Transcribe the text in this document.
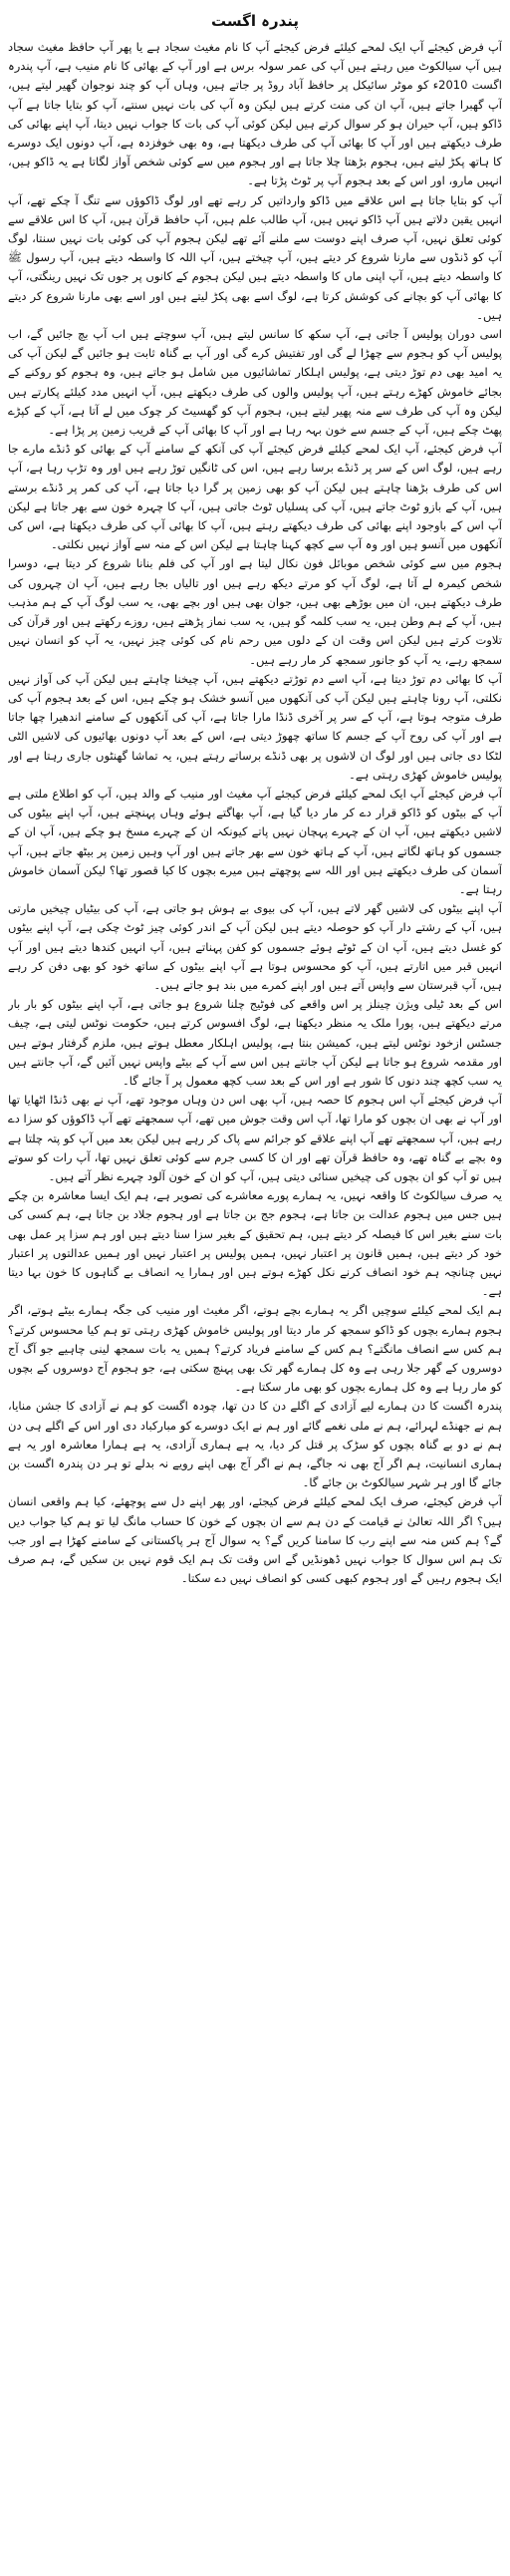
پندرہ اگست

آپ فرض کیجئے آپ ایک لمحے کیلئے فرض کیجئے آپ کا نام مغیث سجاد ہے یا پھر آپ حافظ مغیث سجاد ہیں آپ سیالکوٹ میں رہتے ہیں آپ کی عمر سولہ برس ہے اور آپ کے بھائی کا نام منیب ہے، آپ پندرہ اگست 2010ء کو موٹر سائیکل پر حافظ آباد روڈ پر جاتے ہیں، وہاں آپ کو چند نوجوان گھیر لیتے ہیں، آپ گھبرا جاتے ہیں، آپ ان کی منت کرتے ہیں لیکن وہ آپ کی بات نہیں سنتے، آپ کو بتایا جاتا ہے آپ ڈاکو ہیں، آپ حیران ہو کر سوال کرتے ہیں لیکن کوئی آپ کی بات کا جواب نہیں دیتا، آپ اپنے بھائی کی طرف دیکھتے ہیں اور آپ کا بھائی آپ کی طرف دیکھتا ہے، وہ بھی خوفزدہ ہے، آپ دونوں ایک دوسرے کا ہاتھ پکڑ لیتے ہیں، ہجوم بڑھتا چلا جاتا ہے اور ہجوم میں سے کوئی شخص آواز لگاتا ہے یہ ڈاکو ہیں، انہیں مارو، اور اس کے بعد ہجوم آپ پر ٹوٹ پڑتا ہے۔

آپ کو بتایا جاتا ہے اس علاقے میں ڈاکو وارداتیں کر رہے تھے اور لوگ ڈاکوؤں سے تنگ آ چکے تھے، آپ انہیں یقین دلاتے ہیں آپ ڈاکو نہیں ہیں، آپ طالب علم ہیں، آپ حافظ قرآن ہیں، آپ کا اس علاقے سے کوئی تعلق نہیں، آپ صرف اپنے دوست سے ملنے آئے تھے لیکن ہجوم آپ کی کوئی بات نہیں سنتا، لوگ آپ کو ڈنڈوں سے مارنا شروع کر دیتے ہیں، آپ چیختے ہیں، آپ اللہ کا واسطہ دیتے ہیں، آپ رسول ﷺ کا واسطہ دیتے ہیں، آپ اپنی ماں کا واسطہ دیتے ہیں لیکن ہجوم کے کانوں پر جوں تک نہیں رینگتی، آپ کا بھائی آپ کو بچانے کی کوشش کرتا ہے، لوگ اسے بھی پکڑ لیتے ہیں اور اسے بھی مارنا شروع کر دیتے ہیں۔

اسی دوران پولیس آ جاتی ہے، آپ سکھ کا سانس لیتے ہیں، آپ سوچتے ہیں اب آپ بچ جائیں گے، اب پولیس آپ کو ہجوم سے چھڑا لے گی اور تفتیش کرے گی اور آپ بے گناہ ثابت ہو جائیں گے لیکن آپ کی یہ امید بھی دم توڑ دیتی ہے، پولیس اہلکار تماشائیوں میں شامل ہو جاتے ہیں، وہ ہجوم کو روکنے کے بجائے خاموش کھڑے رہتے ہیں، آپ پولیس والوں کی طرف دیکھتے ہیں، آپ انہیں مدد کیلئے پکارتے ہیں لیکن وہ آپ کی طرف سے منہ پھیر لیتے ہیں، ہجوم آپ کو گھسیٹ کر چوک میں لے آتا ہے، آپ کے کپڑے پھٹ چکے ہیں، آپ کے جسم سے خون بہہ رہا ہے اور آپ کا بھائی آپ کے قریب زمین پر پڑا ہے۔

آپ فرض کیجئے، آپ ایک لمحے کیلئے فرض کیجئے آپ کی آنکھ کے سامنے آپ کے بھائی کو ڈنڈے مارے جا رہے ہیں، لوگ اس کے سر پر ڈنڈے برسا رہے ہیں، اس کی ٹانگیں توڑ رہے ہیں اور وہ تڑپ رہا ہے، آپ اس کی طرف بڑھنا چاہتے ہیں لیکن آپ کو بھی زمین پر گرا دیا جاتا ہے، آپ کی کمر پر ڈنڈے برستے ہیں، آپ کے بازو ٹوٹ جاتے ہیں، آپ کی پسلیاں ٹوٹ جاتی ہیں، آپ کا چہرہ خون سے بھر جاتا ہے لیکن آپ اس کے باوجود اپنے بھائی کی طرف دیکھتے رہتے ہیں، آپ کا بھائی آپ کی طرف دیکھتا ہے، اس کی آنکھوں میں آنسو ہیں اور وہ آپ سے کچھ کہنا چاہتا ہے لیکن اس کے منہ سے آواز نہیں نکلتی۔

ہجوم میں سے کوئی شخص موبائل فون نکال لیتا ہے اور آپ کی فلم بنانا شروع کر دیتا ہے، دوسرا شخص کیمرہ لے آتا ہے، لوگ آپ کو مرتے دیکھ رہے ہیں اور تالیاں بجا رہے ہیں، آپ ان چہروں کی طرف دیکھتے ہیں، ان میں بوڑھے بھی ہیں، جوان بھی ہیں اور بچے بھی، یہ سب لوگ آپ کے ہم مذہب ہیں، آپ کے ہم وطن ہیں، یہ سب کلمہ گو ہیں، یہ سب نماز پڑھتے ہیں، روزے رکھتے ہیں اور قرآن کی تلاوت کرتے ہیں لیکن اس وقت ان کے دلوں میں رحم نام کی کوئی چیز نہیں، یہ آپ کو انسان نہیں سمجھ رہے، یہ آپ کو جانور سمجھ کر مار رہے ہیں۔

آپ کا بھائی دم توڑ دیتا ہے، آپ اسے دم توڑتے دیکھتے ہیں، آپ چیخنا چاہتے ہیں لیکن آپ کی آواز نہیں نکلتی، آپ رونا چاہتے ہیں لیکن آپ کی آنکھوں میں آنسو خشک ہو چکے ہیں، اس کے بعد ہجوم آپ کی طرف متوجہ ہوتا ہے، آپ کے سر پر آخری ڈنڈا مارا جاتا ہے، آپ کی آنکھوں کے سامنے اندھیرا چھا جاتا ہے اور آپ کی روح آپ کے جسم کا ساتھ چھوڑ دیتی ہے، اس کے بعد آپ دونوں بھائیوں کی لاشیں الٹی لٹکا دی جاتی ہیں اور لوگ ان لاشوں پر بھی ڈنڈے برساتے رہتے ہیں، یہ تماشا گھنٹوں جاری رہتا ہے اور پولیس خاموش کھڑی رہتی ہے۔

آپ فرض کیجئے آپ ایک لمحے کیلئے فرض کیجئے آپ مغیث اور منیب کے والد ہیں، آپ کو اطلاع ملتی ہے آپ کے بیٹوں کو ڈاکو قرار دے کر مار دیا گیا ہے، آپ بھاگتے ہوئے وہاں پہنچتے ہیں، آپ اپنے بیٹوں کی لاشیں دیکھتے ہیں، آپ ان کے چہرے پہچان نہیں پاتے کیونکہ ان کے چہرے مسخ ہو چکے ہیں، آپ ان کے جسموں کو ہاتھ لگاتے ہیں، آپ کے ہاتھ خون سے بھر جاتے ہیں اور آپ وہیں زمین پر بیٹھ جاتے ہیں، آپ آسمان کی طرف دیکھتے ہیں اور اللہ سے پوچھتے ہیں میرے بچوں کا کیا قصور تھا؟ لیکن آسمان خاموش رہتا ہے۔

آپ اپنے بیٹوں کی لاشیں گھر لاتے ہیں، آپ کی بیوی بے ہوش ہو جاتی ہے، آپ کی بیٹیاں چیخیں مارتی ہیں، آپ کے رشتے دار آپ کو حوصلہ دیتے ہیں لیکن آپ کے اندر کوئی چیز ٹوٹ چکی ہے، آپ اپنے بیٹوں کو غسل دیتے ہیں، آپ ان کے ٹوٹے ہوئے جسموں کو کفن پہناتے ہیں، آپ انہیں کندھا دیتے ہیں اور آپ انہیں قبر میں اتارتے ہیں، آپ کو محسوس ہوتا ہے آپ اپنے بیٹوں کے ساتھ خود کو بھی دفن کر رہے ہیں، آپ قبرستان سے واپس آتے ہیں اور اپنے کمرے میں بند ہو جاتے ہیں۔

اس کے بعد ٹیلی ویژن چینلز پر اس واقعے کی فوٹیج چلنا شروع ہو جاتی ہے، آپ اپنے بیٹوں کو بار بار مرتے دیکھتے ہیں، پورا ملک یہ منظر دیکھتا ہے، لوگ افسوس کرتے ہیں، حکومت نوٹس لیتی ہے، چیف جسٹس ازخود نوٹس لیتے ہیں، کمیشن بنتا ہے، پولیس اہلکار معطل ہوتے ہیں، ملزم گرفتار ہوتے ہیں اور مقدمہ شروع ہو جاتا ہے لیکن آپ جانتے ہیں اس سے آپ کے بیٹے واپس نہیں آئیں گے، آپ جانتے ہیں یہ سب کچھ چند دنوں کا شور ہے اور اس کے بعد سب کچھ معمول پر آ جائے گا۔

آپ فرض کیجئے آپ اس ہجوم کا حصہ ہیں، آپ بھی اس دن وہاں موجود تھے، آپ نے بھی ڈنڈا اٹھایا تھا اور آپ نے بھی ان بچوں کو مارا تھا، آپ اس وقت جوش میں تھے، آپ سمجھتے تھے آپ ڈاکوؤں کو سزا دے رہے ہیں، آپ سمجھتے تھے آپ اپنے علاقے کو جرائم سے پاک کر رہے ہیں لیکن بعد میں آپ کو پتہ چلتا ہے وہ بچے بے گناہ تھے، وہ حافظ قرآن تھے اور ان کا کسی جرم سے کوئی تعلق نہیں تھا، آپ رات کو سوتے ہیں تو آپ کو ان بچوں کی چیخیں سنائی دیتی ہیں، آپ کو ان کے خون آلود چہرے نظر آتے ہیں۔

یہ صرف سیالکوٹ کا واقعہ نہیں، یہ ہمارے پورے معاشرے کی تصویر ہے، ہم ایک ایسا معاشرہ بن چکے ہیں جس میں ہجوم عدالت بن جاتا ہے، ہجوم جج بن جاتا ہے اور ہجوم جلاد بن جاتا ہے، ہم کسی کی بات سنے بغیر اس کا فیصلہ کر دیتے ہیں، ہم تحقیق کے بغیر سزا سنا دیتے ہیں اور ہم سزا پر عمل بھی خود کر دیتے ہیں، ہمیں قانون پر اعتبار نہیں، ہمیں پولیس پر اعتبار نہیں اور ہمیں عدالتوں پر اعتبار نہیں چنانچہ ہم خود انصاف کرنے نکل کھڑے ہوتے ہیں اور ہمارا یہ انصاف بے گناہوں کا خون بہا دیتا ہے۔

ہم ایک لمحے کیلئے سوچیں اگر یہ ہمارے بچے ہوتے، اگر مغیث اور منیب کی جگہ ہمارے بیٹے ہوتے، اگر ہجوم ہمارے بچوں کو ڈاکو سمجھ کر مار دیتا اور پولیس خاموش کھڑی رہتی تو ہم کیا محسوس کرتے؟ ہم کس سے انصاف مانگتے؟ ہم کس کے سامنے فریاد کرتے؟ ہمیں یہ بات سمجھ لینی چاہیے جو آگ آج دوسروں کے گھر جلا رہی ہے وہ کل ہمارے گھر تک بھی پہنچ سکتی ہے، جو ہجوم آج دوسروں کے بچوں کو مار رہا ہے وہ کل ہمارے بچوں کو بھی مار سکتا ہے۔

پندرہ اگست کا دن ہمارے لیے آزادی کے اگلے دن کا دن تھا، چودہ اگست کو ہم نے آزادی کا جشن منایا، ہم نے جھنڈے لہرائے، ہم نے ملی نغمے گائے اور ہم نے ایک دوسرے کو مبارکباد دی اور اس کے اگلے ہی دن ہم نے دو بے گناہ بچوں کو سڑک پر قتل کر دیا، یہ ہے ہماری آزادی، یہ ہے ہمارا معاشرہ اور یہ ہے ہماری انسانیت، ہم اگر آج بھی نہ جاگے، ہم نے اگر آج بھی اپنے رویے نہ بدلے تو ہر دن پندرہ اگست بن جائے گا اور ہر شہر سیالکوٹ بن جائے گا۔

آپ فرض کیجئے، صرف ایک لمحے کیلئے فرض کیجئے، اور پھر اپنے دل سے پوچھئے، کیا ہم واقعی انسان ہیں؟ اگر اللہ تعالیٰ نے قیامت کے دن ہم سے ان بچوں کے خون کا حساب مانگ لیا تو ہم کیا جواب دیں گے؟ ہم کس منہ سے اپنے رب کا سامنا کریں گے؟ یہ سوال آج ہر پاکستانی کے سامنے کھڑا ہے اور جب تک ہم اس سوال کا جواب نہیں ڈھونڈیں گے اس وقت تک ہم ایک قوم نہیں بن سکیں گے، ہم صرف ایک ہجوم رہیں گے اور ہجوم کبھی کسی کو انصاف نہیں دے سکتا۔
